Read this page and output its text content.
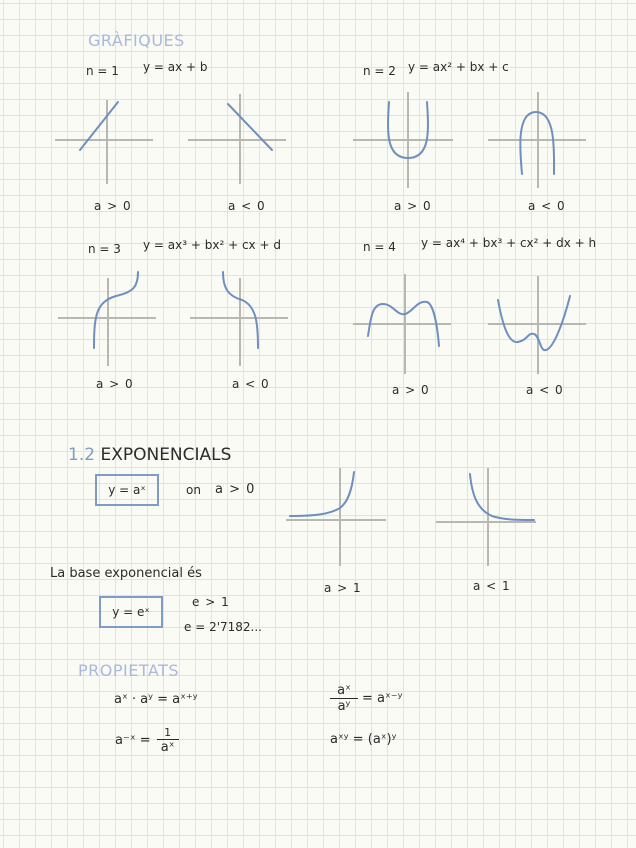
GRÀFIQUES
n = 1 y = ax + b
a > 0	a < 0
n = 2 y = ax² + bx + c
a > 0	a < 0
n = 3 y = ax³ + bx² + cx + d
a > 0	a < 0
n = 4 y = ax⁴ + bx³ + cx² + dx + h
a > 0	a < 0
1.2 EXPONENCIALS
y = aˣ	on a > 0
a > 1	a < 1
La base exponencial és
y = eˣ
e > 1
e = 2'7182...
PROPIETATS
aˣ · aʸ = aˣ⁺ʸ
aˣ
aʸ
= aˣ⁻ʸ
a⁻ˣ =
1
aˣ
aˣʸ = (aˣ)ʸ
